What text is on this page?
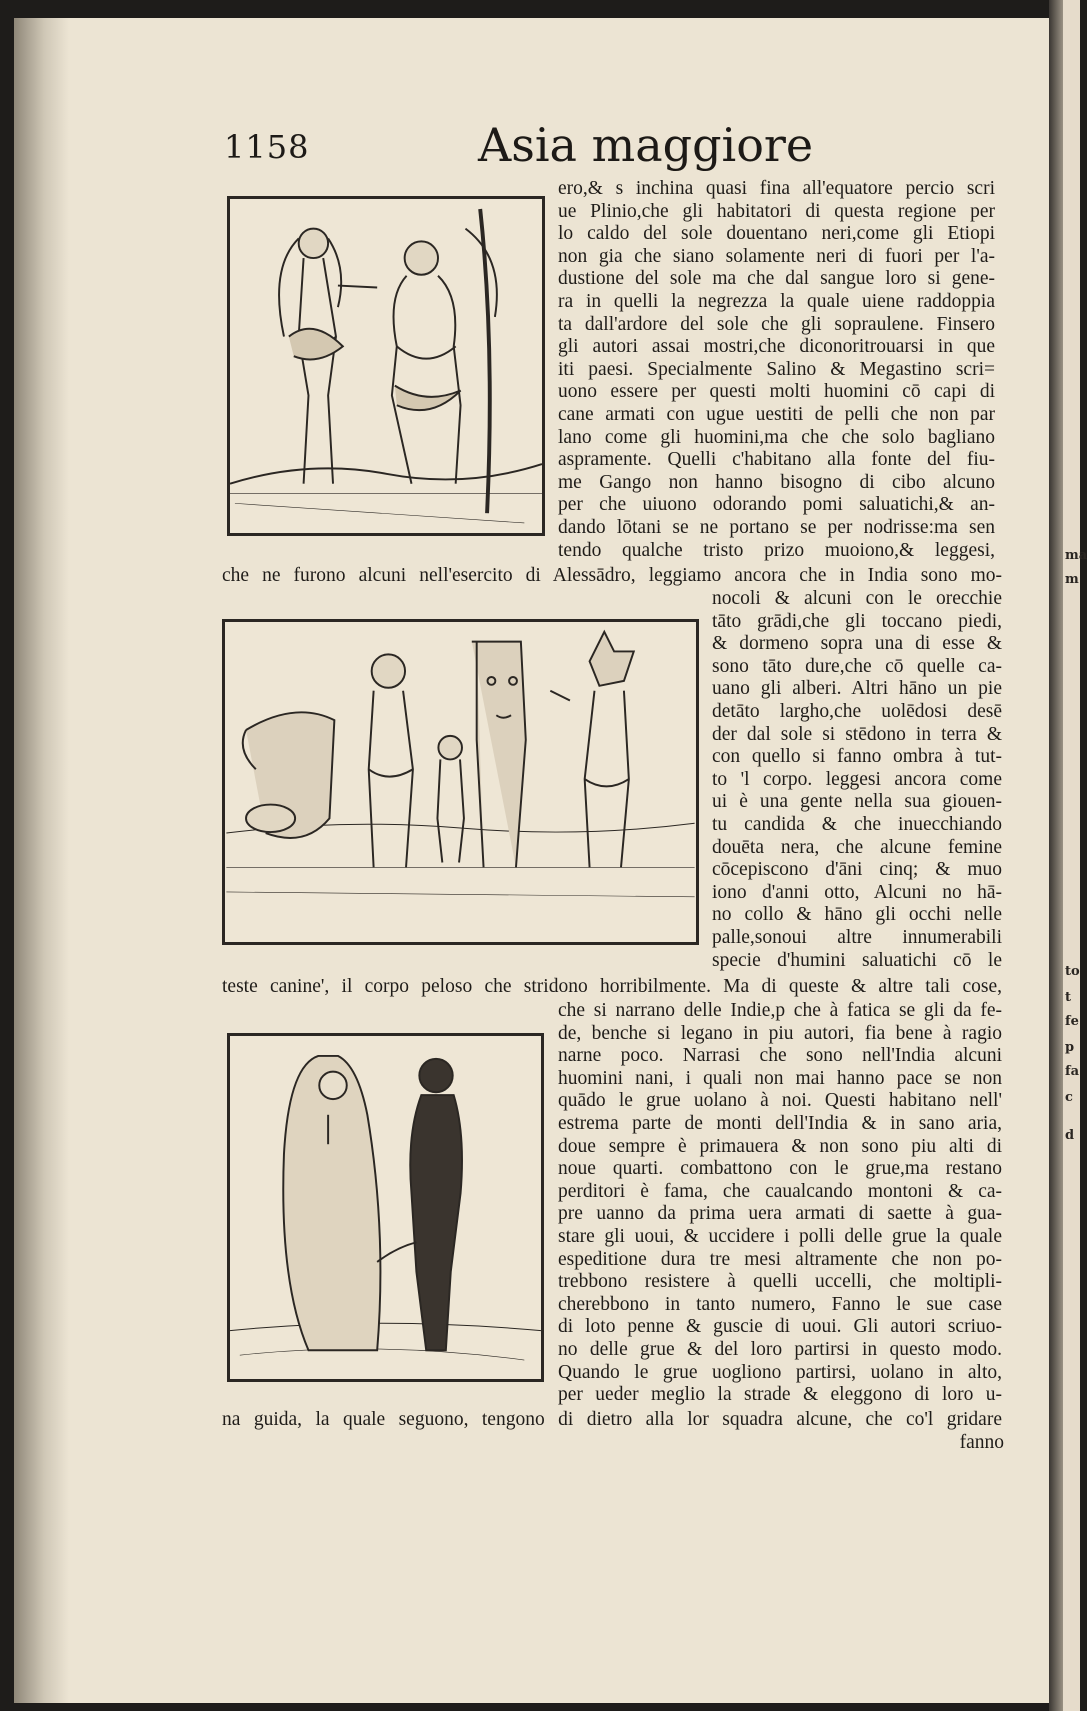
ma
m
to
t
fe
p
fa
c
d
1158	Asia maggiore
ero,& s inchina quasi fina all'equatore percio scri
ue Plinio,che gli habitatori di questa regione per
lo caldo del sole douentano neri,come gli Etiopi
non gia che siano solamente neri di fuori per l'a-
dustione del sole ma che dal sangue loro si gene-
ra in quelli la negrezza la quale uiene raddoppia
ta dall'ardore del sole che gli sopraulene. Finsero
gli autori assai mostri,che diconoritrouarsi in que
iti paesi. Specialmente Salino & Megastino scri=
uono essere per questi molti huomini cō capi di
cane armati con ugue uestiti de pelli che non par
lano come gli huomini,ma che che solo bagliano
aspramente. Quelli c'habitano alla fonte del fiu-
me Gango non hanno bisogno di cibo alcuno
per che uiuono odorando pomi saluatichi,& an-
dando lōtani se ne portano se per nodrisse:ma sen
tendo qualche tristo prizo muoiono,& leggesi,
che ne furono alcuni nell'esercito di Alessādro, leggiamo ancora che in India sono mo-
nocoli & alcuni con le orecchie
tāto grādi,che gli toccano piedi,
& dormeno sopra una di esse &
sono tāto dure,che cō quelle ca-
uano gli alberi. Altri hāno un pie
detāto largho,che uolēdosi desē
der dal sole si stēdono in terra &
con quello si fanno ombra à tut-
to 'l corpo. leggesi ancora come
ui è una gente nella sua giouen-
tu candida & che inuecchiando
douēta nera, che alcune femine
cōcepiscono d'āni cinq; & muo
iono d'anni otto, Alcuni no hā-
no collo & hāno gli occhi nelle
palle,sonoui altre innumerabili
specie d'humini saluatichi cō le
teste canine', il corpo peloso che stridono horribilmente. Ma di queste & altre tali cose,
che si narrano delle Indie,p che à fatica se gli da fe-
de, benche si legano in piu autori, fia bene à ragio
narne poco. Narrasi che sono nell'India alcuni
huomini nani, i quali non mai hanno pace se non
quādo le grue uolano à noi. Questi habitano nell'
estrema parte de monti dell'India & in sano aria,
doue sempre è primauera & non sono piu alti di
noue quarti. combattono con le grue,ma restano
perditori è fama, che caualcando montoni & ca-
pre uanno da prima uera armati di saette à gua-
stare gli uoui, & uccidere i polli delle grue la quale
espeditione dura tre mesi altramente che non po-
trebbono resistere à quelli uccelli, che moltipli-
cherebbono in tanto numero, Fanno le sue case
di loto penne & guscie di uoui. Gli autori scriuo-
no delle grue & del loro partirsi in questo modo.
Quando le grue uogliono partirsi, uolano in alto,
per ueder meglio la strade & eleggono di loro u-
na guida, la quale seguono, tengono di dietro alla lor squadra alcune, che co'l gridare
fanno
